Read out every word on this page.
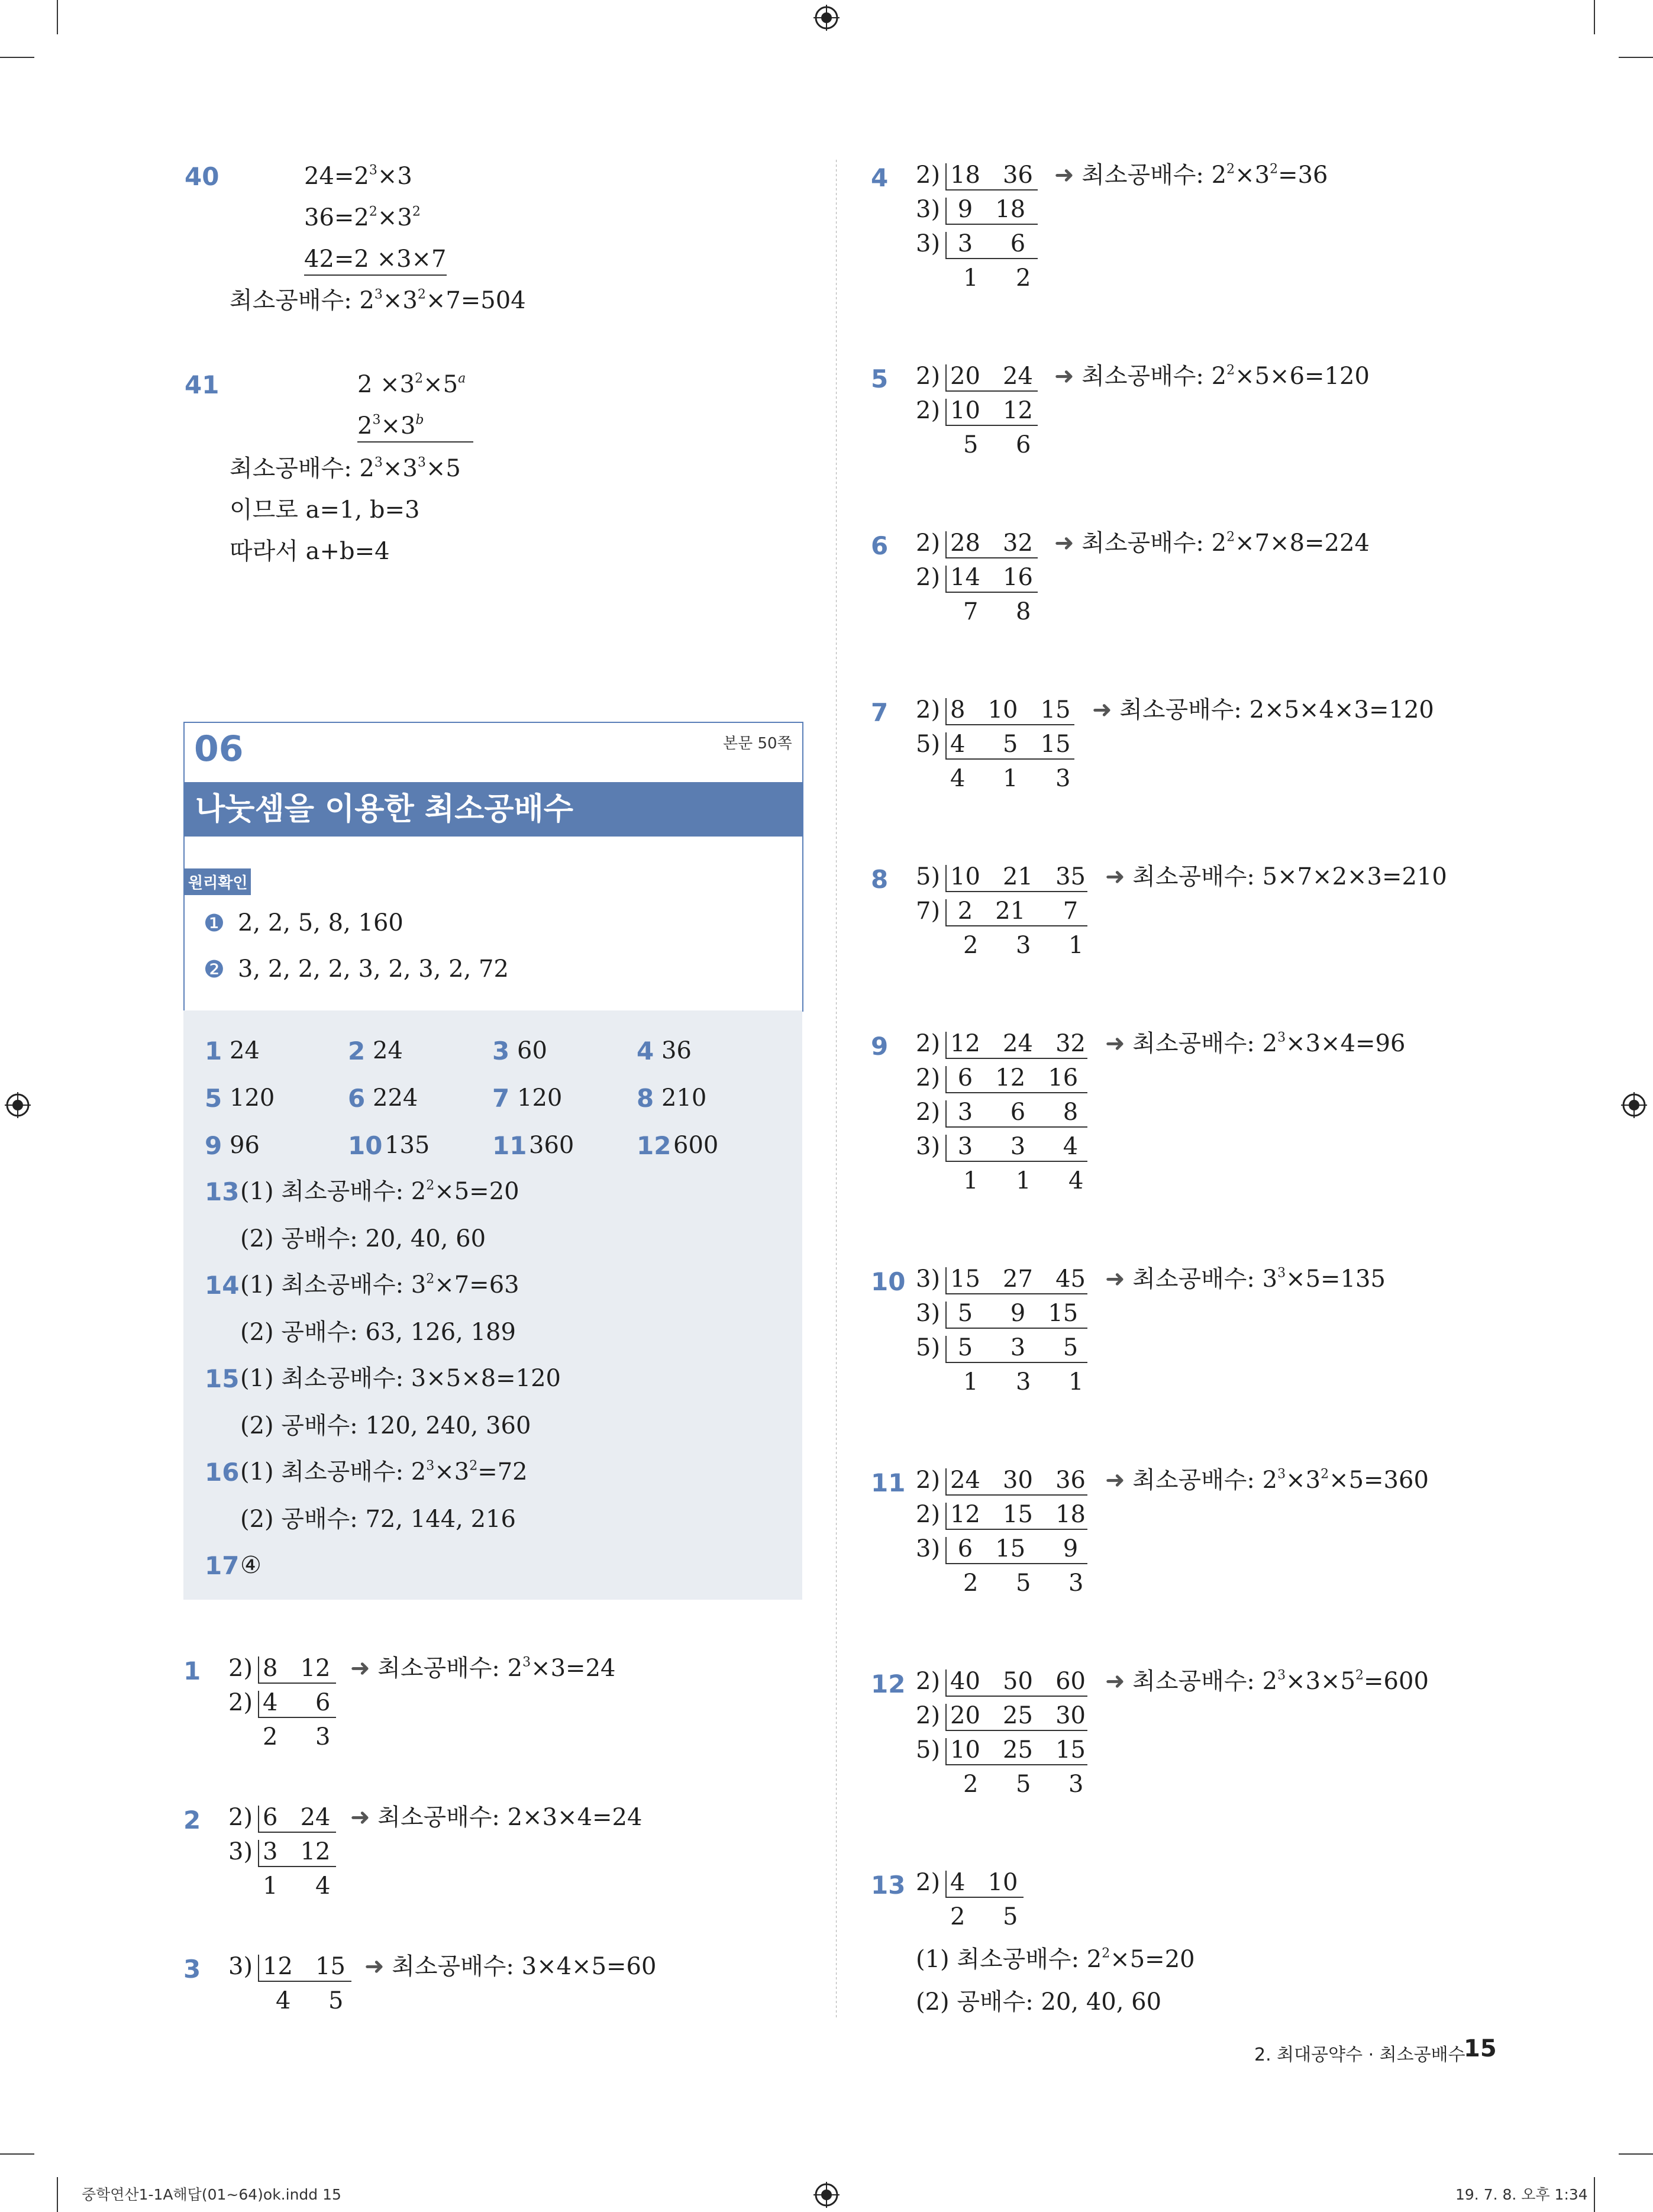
40	$24=2^3\times 3$
$36=2^2\times 3^2$
42=2 ×3×7
최소공배수: $2^3\times 3^2\times 7=504$
41	$2 \times 3^2\times 5^a$
$2^3\times 3^b$
최소공배수: $2^3\times 3^3\times 5$
이므로 a=1, b=3
따라서 a+b=4
06	본문 50쪽
나눗셈을 이용한 최소공배수
원리확인
❶ 2, 2, 5, 8, 160
❷ 3, 2, 2, 2, 3, 2, 3, 2, 72
1 24	2 24	3 60	4 36
5 120	6 224	7 120	8 210
9 96	10 135	11 360	12 600
13 (1) 최소공배수: $2^2\times 5=20$
(2) 공배수: 20, 40, 60
14 (1) 최소공배수: $3^2\times 7=63$
(2) 공배수: 63, 126, 189
15 (1) 최소공배수: 3×5×8=120
(2) 공배수: 120, 240, 360
16 (1) 최소공배수: $2^3\times 3^2=72$
(2) 공배수: 72, 144, 216
17 ④
1 2) 8   12
2) 4     6
2     3
➜ 최소공배수: $2^3\times 3=24$
2 2) 6   24
3) 3   12
1     4
➜ 최소공배수: 2×3×4=24
3 3) 12   15
4     5
➜ 최소공배수: 3×4×5=60
4 2) 18   36
3) 9   18
3) 3     6
1     2
➜ 최소공배수: $2^2\times 3^2=36$
5 2) 20   24
2) 10   12
5     6
➜ 최소공배수: $2^2\times 5\times 6=120$
6 2) 28   32
2) 14   16
7     8
➜ 최소공배수: $2^2\times 7\times 8=224$
7 2) 8   10   15
5) 4     5   15
4     1     3
➜ 최소공배수: 2×5×4×3=120
8 5) 10   21   35
7) 2   21     7
2     3     1
➜ 최소공배수: 5×7×2×3=210
9 2) 12   24   32
2) 6   12   16
2) 3     6     8
3) 3     3     4
1     1     4
➜ 최소공배수: $2^3\times 3\times 4=96$
10 3) 15   27   45
3) 5     9   15
5) 5     3     5
1     3     1
➜ 최소공배수: $3^3\times 5=135$
11 2) 24   30   36
2) 12   15   18
3) 6   15     9
2     5     3
➜ 최소공배수: $2^3\times 3^2\times 5=360$
12 2) 40   50   60
2) 20   25   30
5) 10   25   15
2     5     3
➜ 최소공배수: $2^3\times 3\times 5^2=600$
13 2) 4   10
2     5
(1) 최소공배수: $2^2\times 5=20$
(2) 공배수: 20, 40, 60
2. 최대공약수 · 최소공배수
15
중학연산1-1A해답(01~64)ok.indd 15	19. 7. 8. 오후 1:34
